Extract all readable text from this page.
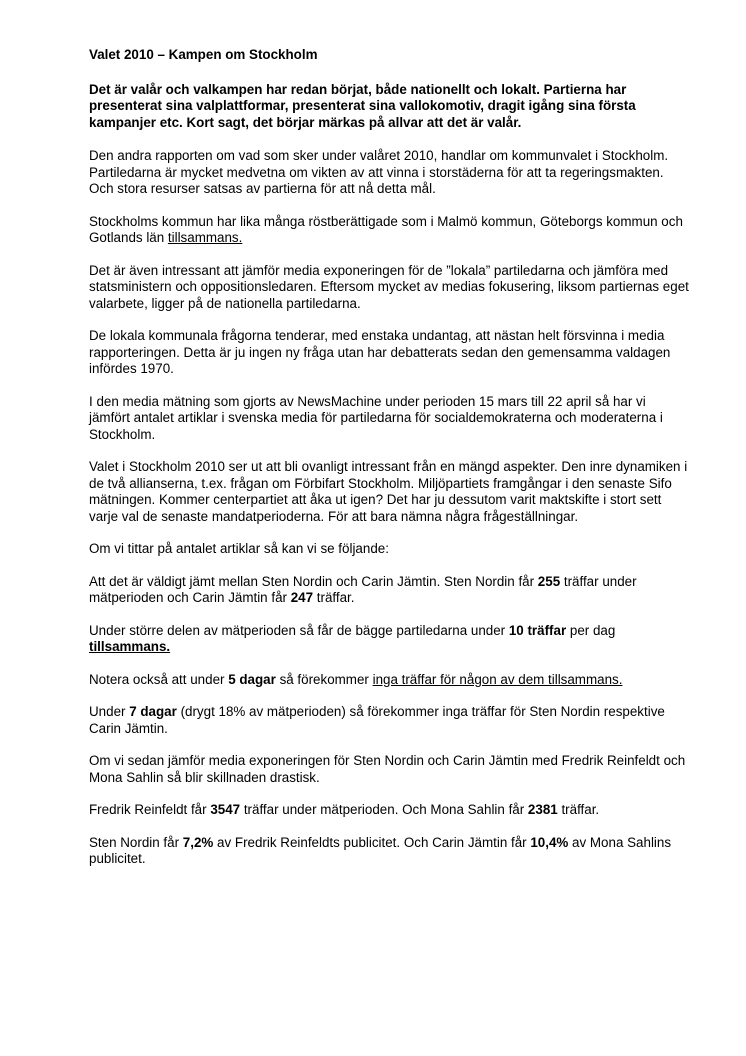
Valet 2010 – Kampen om Stockholm

Det är valår och valkampen har redan börjat, både nationellt och lokalt. Partierna har presenterat sina valplattformar, presenterat sina vallokomotiv, dragit igång sina första kampanjer etc. Kort sagt, det börjar märkas på allvar att det är valår.

Den andra rapporten om vad som sker under valåret 2010, handlar om kommunvalet i Stockholm. Partiledarna är mycket medvetna om vikten av att vinna i storstäderna för att ta regeringsmakten. Och stora resurser satsas av partierna för att nå detta mål.

Stockholms kommun har lika många röstberättigade som i Malmö kommun, Göteborgs kommun och Gotlands län tillsammans.

Det är även intressant att jämför media exponeringen för de ”lokala” partiledarna och jämföra med statsministern och oppositionsledaren. Eftersom mycket av medias fokusering, liksom partiernas eget valarbete, ligger på de nationella partiledarna.

De lokala kommunala frågorna tenderar, med enstaka undantag, att nästan helt försvinna i media rapporteringen. Detta är ju ingen ny fråga utan har debatterats sedan den gemensamma valdagen infördes 1970.

I den media mätning som gjorts av NewsMachine under perioden 15 mars till 22 april så har vi jämfört antalet artiklar i svenska media för partiledarna för socialdemokraterna och moderaterna i Stockholm.

Valet i Stockholm 2010 ser ut att bli ovanligt intressant från en mängd aspekter. Den inre dynamiken i de två allianserna, t.ex. frågan om Förbifart Stockholm. Miljöpartiets framgångar i den senaste Sifo mätningen. Kommer centerpartiet att åka ut igen? Det har ju dessutom varit maktskifte i stort sett varje val de senaste mandatperioderna. För att bara nämna några frågeställningar.

Om vi tittar på antalet artiklar så kan vi se följande:

Att det är väldigt jämt mellan Sten Nordin och Carin Jämtin. Sten Nordin får 255 träffar under mätperioden och Carin Jämtin får 247 träffar.

Under större delen av mätperioden så får de bägge partiledarna under 10 träffar per dag tillsammans.

Notera också att under 5 dagar så förekommer inga träffar för någon av dem tillsammans.

Under 7 dagar (drygt 18% av mätperioden) så förekommer inga träffar för Sten Nordin respektive Carin Jämtin.

Om vi sedan jämför media exponeringen för Sten Nordin och Carin Jämtin med Fredrik Reinfeldt och Mona Sahlin så blir skillnaden drastisk.

Fredrik Reinfeldt får 3547 träffar under mätperioden. Och Mona Sahlin får 2381 träffar.

Sten Nordin får 7,2% av Fredrik Reinfeldts publicitet. Och Carin Jämtin får 10,4% av Mona Sahlins publicitet.
